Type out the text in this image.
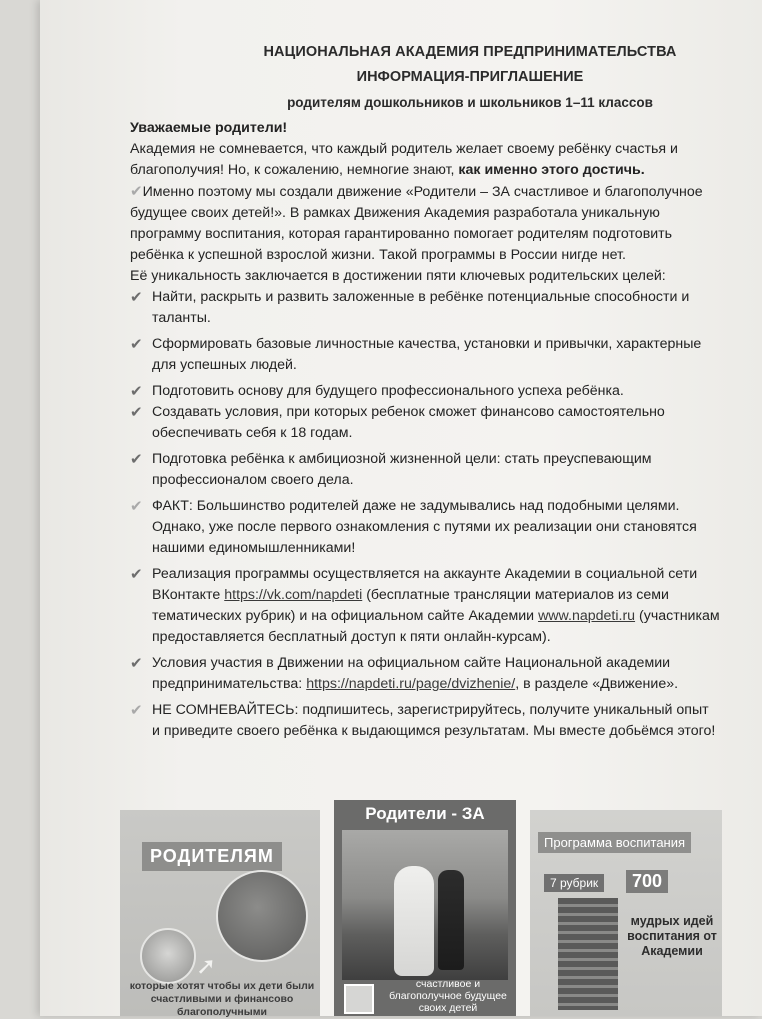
НАЦИОНАЛЬНАЯ АКАДЕМИЯ ПРЕДПРИНИМАТЕЛЬСТВА
ИНФОРМАЦИЯ-ПРИГЛАШЕНИЕ
родителям дошкольников и школьников 1–11 классов

Уважаемые родители!

Академия не сомневается, что каждый родитель желает своему ребёнку счастья и благополучия! Но, к сожалению, немногие знают, как именно этого достичь.

✔Именно поэтому мы создали движение «Родители – ЗА счастливое и благополучное будущее своих детей!». В рамках Движения Академия разработала уникальную программу воспитания, которая гарантированно помогает родителям подготовить ребёнка к успешной взрослой жизни. Такой программы в России нигде нет.

Её уникальность заключается в достижении пяти ключевых родительских целей:

✔ Найти, раскрыть и развить заложенные в ребёнке потенциальные способности и таланты.

✔ Сформировать базовые личностные качества, установки и привычки, характерные для успешных людей.

✔ Подготовить основу для будущего профессионального успеха ребёнка.

✔ Создавать условия, при которых ребенок сможет финансово самостоятельно обеспечивать себя к 18 годам.

✔ Подготовка ребёнка к амбициозной жизненной цели: стать преуспевающим профессионалом своего дела.

✔ ФАКТ: Большинство родителей даже не задумывались над подобными целями. Однако, уже после первого ознакомления с путями их реализации они становятся нашими единомышленниками!

✔ Реализация программы осуществляется на аккаунте Академии в социальной сети ВКонтакте https://vk.com/napdeti (бесплатные трансляции материалов из семи тематических рубрик) и на официальном сайте Академии www.napdeti.ru (участникам предоставляется бесплатный доступ к пяти онлайн-курсам).

✔ Условия участия в Движении на официальном сайте Национальной академии предпринимательства: https://napdeti.ru/page/dvizhenie/, в разделе «Движение».

✔ НЕ СОМНЕВАЙТЕСЬ: подпишитесь, зарегистрируйтесь, получите уникальный опыт и приведите своего ребёнка к выдающимся результатам. Мы вместе добьёмся этого!

РОДИТЕЛЯМ
➚
которые хотят чтобы их дети были счастливыми и финансово благополучными
Родители - ЗА
счастливое и благополучное будущее своих детей
Программа воспитания
7 рубрик	700
мудрых идей воспитания от Академии
